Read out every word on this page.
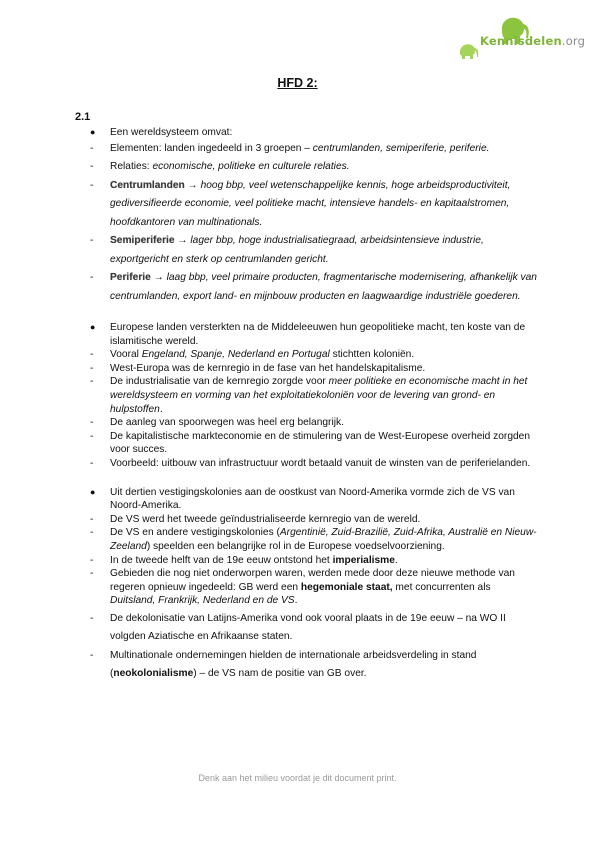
Kennisdelen.org
HFD 2:
2.1
● Een wereldsysteem omvat:
- Elementen: landen ingedeeld in 3 groepen – centrumlanden, semiperiferie, periferie.
- Relaties: economische, politieke en culturele relaties.
- Centrumlanden → hoog bbp, veel wetenschappelijke kennis, hoge arbeidsproductiviteit, gediversifieerde economie, veel politieke macht, intensieve handels- en kapitaalstromen, hoofdkantoren van multinationals.
- Semiperiferie → lager bbp, hoge industrialisatiegraad, arbeidsintensieve industrie, exportgericht en sterk op centrumlanden gericht.
- Periferie → laag bbp, veel primaire producten, fragmentarische modernisering, afhankelijk van centrumlanden, export land- en mijnbouw producten en laagwaardige industriële goederen.
● Europese landen versterkten na de Middeleeuwen hun geopolitieke macht, ten koste van de islamitische wereld.
- Vooral Engeland, Spanje, Nederland en Portugal stichtten koloniën.
- West-Europa was de kernregio in de fase van het handelskapitalisme.
- De industrialisatie van de kernregio zorgde voor meer politieke en economische macht in het wereldsysteem en vorming van het exploitatiekoloniën voor de levering van grond- en hulpstoffen.
- De aanleg van spoorwegen was heel erg belangrijk.
- De kapitalistische markteconomie en de stimulering van de West-Europese overheid zorgden voor succes.
- Voorbeeld: uitbouw van infrastructuur wordt betaald vanuit de winsten van de periferielanden.
● Uit dertien vestigingskolonies aan de oostkust van Noord-Amerika vormde zich de VS van Noord-Amerika.
- De VS werd het tweede geïndustrialiseerde kernregio van de wereld.
- De VS en andere vestigingskolonies (Argentinië, Zuid-Brazilië, Zuid-Afrika, Australië en Nieuw-Zeeland) speelden een belangrijke rol in de Europese voedselvoorziening.
- In de tweede helft van de 19e eeuw ontstond het imperialisme.
- Gebieden die nog niet onderworpen waren, werden mede door deze nieuwe methode van regeren opnieuw ingedeeld: GB werd een hegemoniale staat, met concurrenten als Duitsland, Frankrijk, Nederland en de VS.
- De dekolonisatie van Latijns-Amerika vond ook vooral plaats in de 19e eeuw – na WO II volgden Aziatische en Afrikaanse staten.
- Multinationale ondernemingen hielden de internationale arbeidsverdeling in stand (neokolonialisme) – de VS nam de positie van GB over.
Denk aan het milieu voordat je dit document print.
